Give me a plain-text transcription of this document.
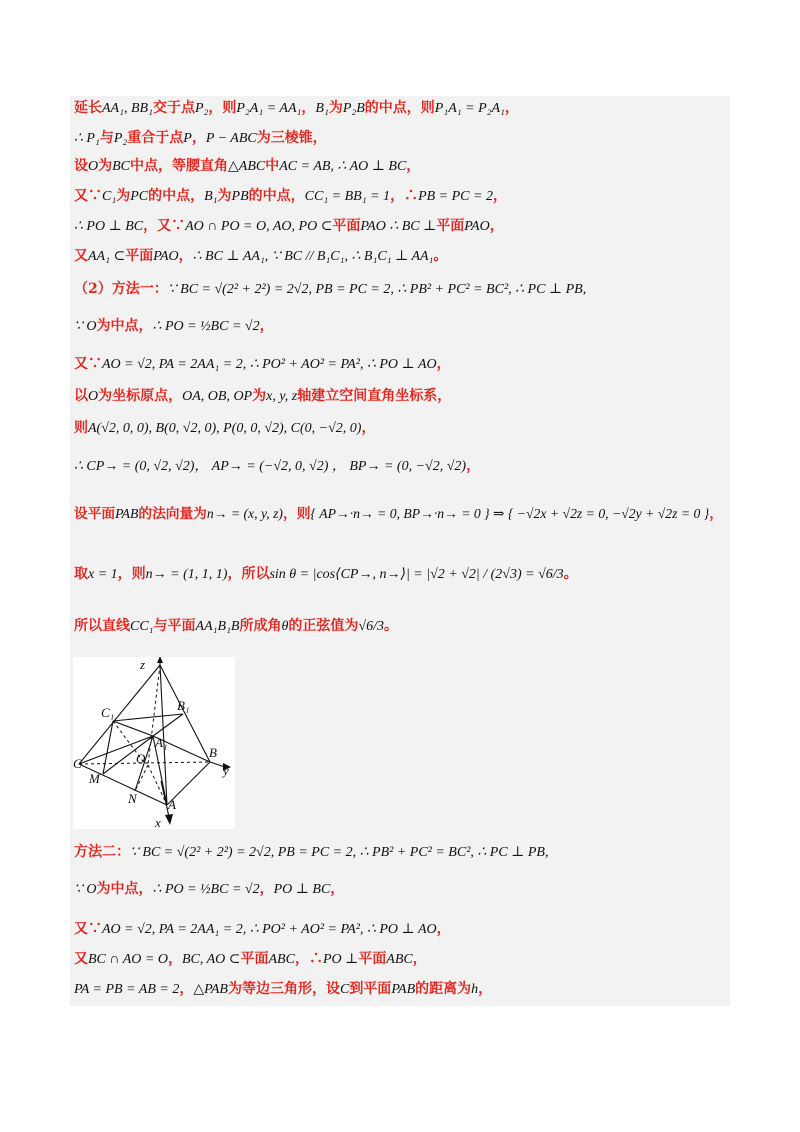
延长AA₁, BB₁交于点P₂，则P₂A₁ = AA₁，B₁为P₂B的中点，则P₁A₁ = P₂A₁，
∴ P₁与P₂重合于点P，P − ABC为三棱锥，
设O为BC中点，等腰直角△ABC中AC = AB, ∴ AO ⊥ BC，
又∵C₁为PC的中点，B₁为PB的中点，CC₁ = BB₁ = 1，∴PB = PC = 2，
∴ PO ⊥ BC，又∵AO ∩ PO = O, AO, PO ⊂平面PAO ∴ BC ⊥平面PAO，
又AA₁ ⊂平面PAO，∴ BC ⊥ AA₁, ∵ BC // B₁C₁, ∴ B₁C₁ ⊥ AA₁。
（2）方法一：∵ BC = √(2² + 2²) = 2√2, PB = PC = 2, ∴ PB² + PC² = BC², ∴ PC ⊥ PB,
∵ O为中点，∴ PO = ½BC = √2，
又∵AO = √2, PA = 2AA₁ = 2, ∴ PO² + AO² = PA², ∴ PO ⊥ AO，
以O为坐标原点，OA, OB, OP为x, y, z轴建立空间直角坐标系，
则A(√2, 0, 0), B(0, √2, 0), P(0, 0, √2), C(0, −√2, 0)，
∴ CP→ = (0, √2, √2)， AP→ = (−√2, 0, √2) ， BP→ = (0, −√2, √2)，
设平面PAB的法向量为n→ = (x, y, z)，则{ AP→·n→ = 0, BP→·n→ = 0 } ⇒ { −√2x + √2z = 0, −√2y + √2z = 0 }，
取x = 1，则n→ = (1, 1, 1)，所以sin θ = |cos⟨CP→, n→⟩| = |√2 + √2| / (2√3) = √6/3。
所以直线CC₁与平面AA₁B₁B所成角θ的正弦值为√6/3。
方法二：∵ BC = √(2² + 2²) = 2√2, PB = PC = 2, ∴ PB² + PC² = BC², ∴ PC ⊥ PB,
∵ O为中点，∴ PO = ½BC = √2，PO ⊥ BC，
又∵AO = √2, PA = 2AA₁ = 2, ∴ PO² + AO² = PA², ∴ PO ⊥ AO，
又BC ∩ AO = O，BC, AO ⊂平面ABC，∴PO ⊥平面ABC，
PA = PB = AB = 2，△PAB为等边三角形，设C到平面PAB的距离为h，
z
C₁	B₁
A₁
O
C
B
y
M
N A
x
